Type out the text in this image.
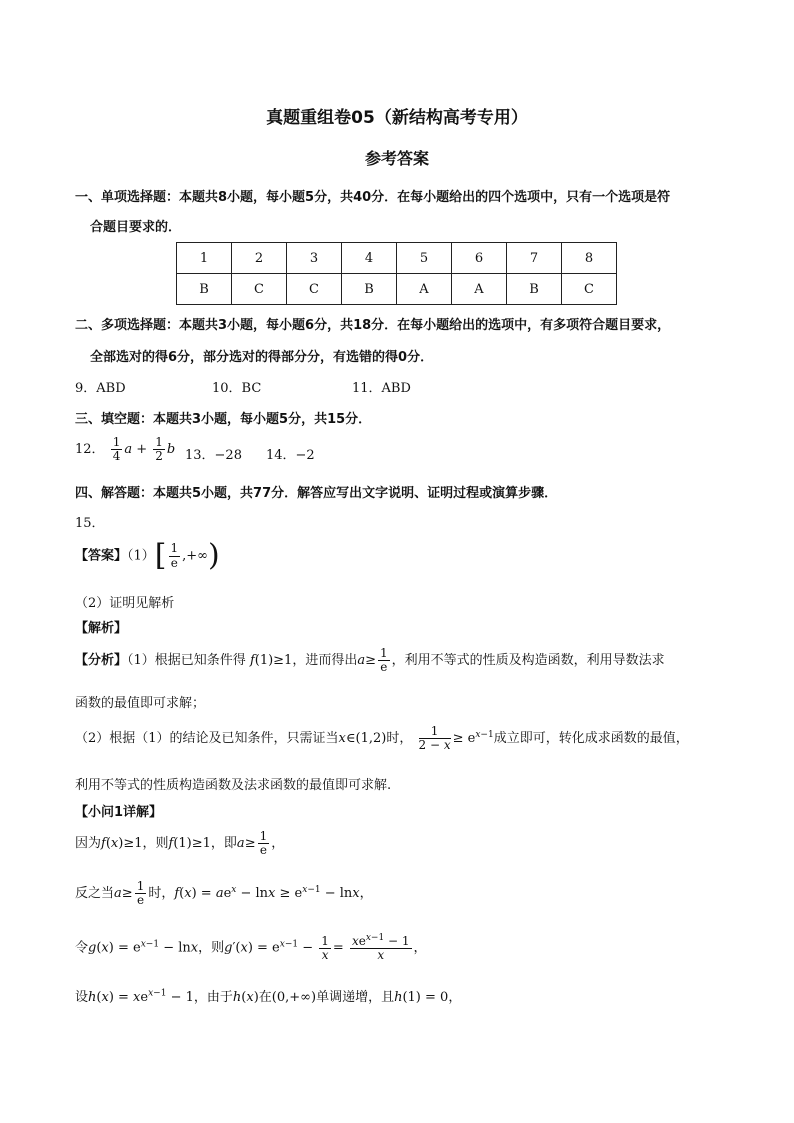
真题重组卷05（新结构高考专用）
参考答案
一、单项选择题：本题共8小题，每小题5分，共40分．在每小题给出的四个选项中，只有一个选项是符
合题目要求的．
1	2	3	4	5	6	7	8
B	C	C	B	A	A	B	C
二、多项选择题：本题共3小题，每小题6分，共18分．在每小题给出的选项中，有多项符合题目要求，
全部选对的得6分，部分选对的得部分分，有选错的得0分．
9．ABD	10．BC	11．ABD
三、填空题：本题共3小题，每小题5分，共15分．
12． $\frac{1}{4}$ $a + \frac{1}{2}$ b 13．−28 14．−2
四、解答题：本题共5小题，共77分．解答应写出文字说明、证明过程或演算步骤．
15．
【答案】$(1)[ \frac{1}{e}$ ,+∞)
（2）证明见解析
【解析】
【分析】（1）根据已知条件得 f(1)≥1，进而得出$a\ge \frac{1}{e}$ ，利用不等式的性质及构造函数，利用导数法求
函数的最值即可求解；
（2）根据（1）的结论及已知条件，只需证当x∈(1,2)时， $\frac{1}{2 - x} \ge e^{x-1}$成立即可，转化成求函数的最值，
利用不等式的性质构造函数及法求函数的最值即可求解.
【小问1详解】
因为f(x)≥1，则f(1)≥1，即$a\ge \frac{1}{e}$ ，
反之当$a\ge \frac{1}{e}$ 时，$f(x) = ae^x - \ln x \ge e^{x-1} - \ln x$，
令$g(x) = e^{x-1} - \ln x$，则$g'(x) = e^{x-1} - \frac{1}{x} = \frac{xe^{x-1} - 1}{x}$ ，
设$h(x) = xe^{x-1} - 1$，由于h(x)在(0,+∞)单调递增，且h(1) = 0，
